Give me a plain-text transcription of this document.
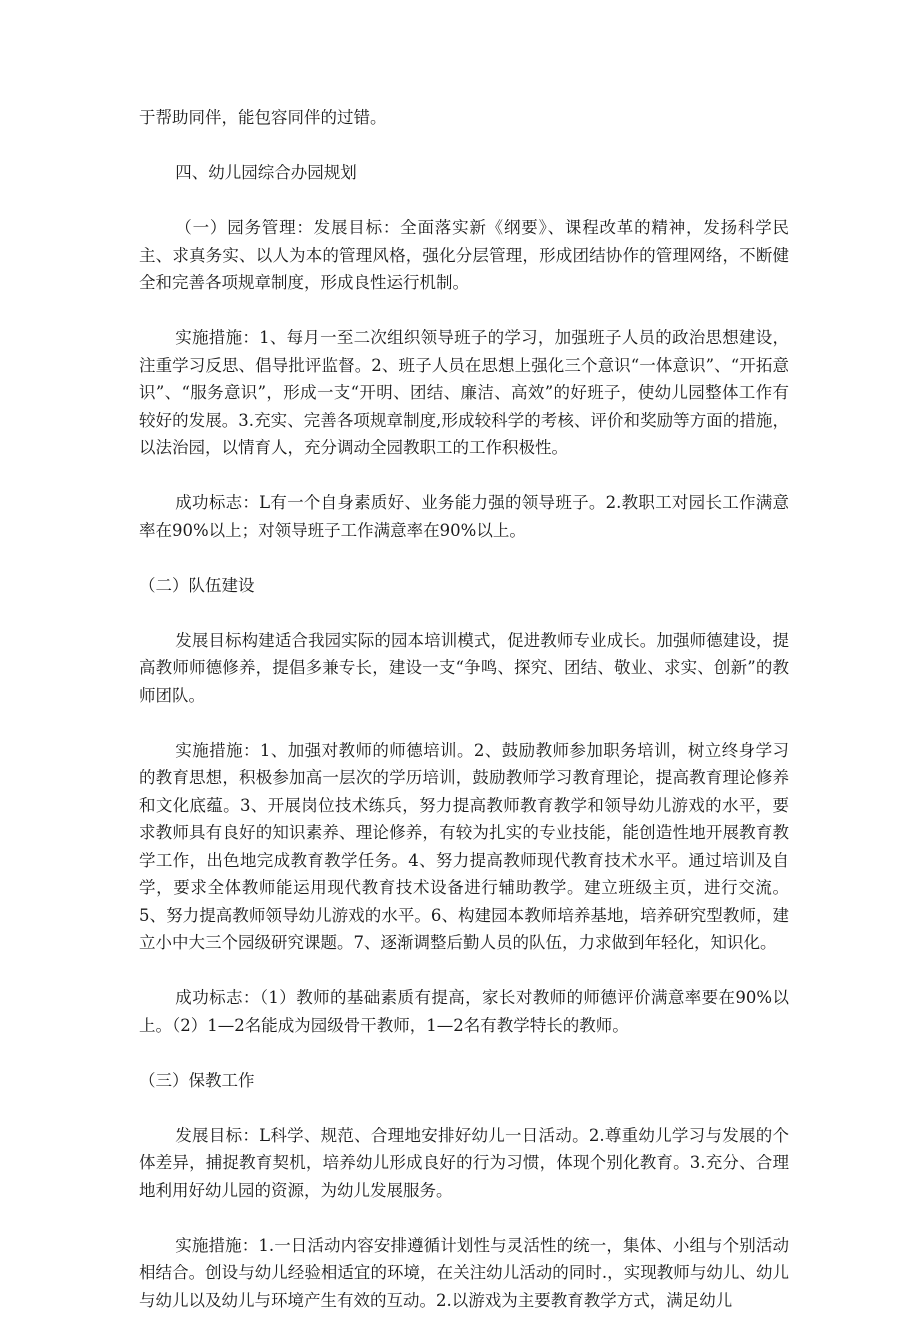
于帮助同伴，能包容同伴的过错。

四、幼儿园综合办园规划

（一）园务管理：发展目标：全面落实新《纲要》、课程改革的精神，发扬科学民主、求真务实、以人为本的管理风格，强化分层管理，形成团结协作的管理网络，不断健全和完善各项规章制度，形成良性运行机制。

实施措施：1、每月一至二次组织领导班子的学习，加强班子人员的政治思想建设，注重学习反思、倡导批评监督。2、班子人员在思想上强化三个意识“一体意识”、“开拓意识”、“服务意识”，形成一支“开明、团结、廉洁、高效”的好班子，使幼儿园整体工作有较好的发展。3.充实、完善各项规章制度,形成较科学的考核、评价和奖励等方面的措施，以法治园，以情育人，充分调动全园教职工的工作积极性。

成功标志：L有一个自身素质好、业务能力强的领导班子。2.教职工对园长工作满意率在90%以上；对领导班子工作满意率在90%以上。

（二）队伍建设

发展目标构建适合我园实际的园本培训模式，促进教师专业成长。加强师德建设，提高教师师德修养，提倡多兼专长，建设一支“争鸣、探究、团结、敬业、求实、创新”的教师团队。

实施措施：1、加强对教师的师德培训。2、鼓励教师参加职务培训，树立终身学习的教育思想，积极参加高一层次的学历培训，鼓励教师学习教育理论，提高教育理论修养和文化底蕴。3、开展岗位技术练兵，努力提高教师教育教学和领导幼儿游戏的水平，要求教师具有良好的知识素养、理论修养，有较为扎实的专业技能，能创造性地开展教育教学工作，出色地完成教育教学任务。4、努力提高教师现代教育技术水平。通过培训及自学，要求全体教师能运用现代教育技术设备进行辅助教学。建立班级主页，进行交流。5、努力提高教师领导幼儿游戏的水平。6、构建园本教师培养基地，培养研究型教师，建立小中大三个园级研究课题。7、逐渐调整后勤人员的队伍，力求做到年轻化，知识化。

成功标志：（1）教师的基础素质有提高，家长对教师的师德评价满意率要在90%以上。（2）1—2名能成为园级骨干教师，1—2名有教学特长的教师。

（三）保教工作

发展目标：L科学、规范、合理地安排好幼儿一日活动。2.尊重幼儿学习与发展的个体差异，捕捉教育契机，培养幼儿形成良好的行为习惯，体现个别化教育。3.充分、合理地利用好幼儿园的资源，为幼儿发展服务。

实施措施：1.一日活动内容安排遵循计划性与灵活性的统一，集体、小组与个别活动相结合。创设与幼儿经验相适宜的环境，在关注幼儿活动的同时.，实现教师与幼儿、幼儿与幼儿以及幼儿与环境产生有效的互动。2.以游戏为主要教育教学方式，满足幼儿
